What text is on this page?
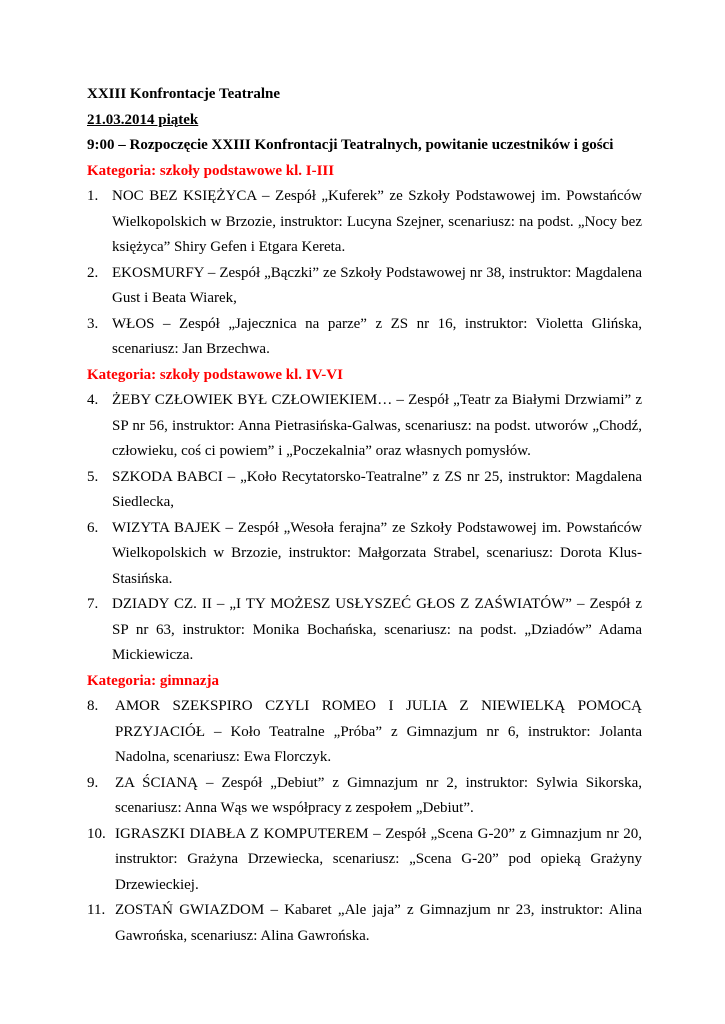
XXIII Konfrontacje Teatralne
21.03.2014 piątek
9:00 – Rozpoczęcie XXIII Konfrontacji Teatralnych, powitanie uczestników i gości
Kategoria: szkoły podstawowe kl. I-III
1. NOC BEZ KSIĘŻYCA – Zespół „Kuferek” ze Szkoły Podstawowej im. Powstańców Wielkopolskich w Brzozie, instruktor: Lucyna Szejner, scenariusz: na podst. „Nocy bez księżyca” Shiry Gefen i Etgara Kereta.
2. EKOSMURFY – Zespół „Bączki” ze Szkoły Podstawowej nr 38, instruktor: Magdalena Gust i Beata Wiarek,
3. WŁOS – Zespół „Jajecznica na parze” z ZS nr 16, instruktor: Violetta Glińska, scenariusz: Jan Brzechwa.
Kategoria: szkoły podstawowe kl. IV-VI
4. ŻEBY CZŁOWIEK BYŁ CZŁOWIEKIEM… – Zespół „Teatr za Białymi Drzwiami” z SP nr 56, instruktor: Anna Pietrasińska-Galwas, scenariusz: na podst. utworów „Chodź, człowieku, coś ci powiem” i „Poczekalnia” oraz własnych pomysłów.
5. SZKODA BABCI – „Koło Recytatorsko-Teatralne” z ZS nr 25, instruktor: Magdalena Siedlecka,
6. WIZYTA BAJEK – Zespół „Wesoła ferajna” ze Szkoły Podstawowej im. Powstańców Wielkopolskich w Brzozie, instruktor: Małgorzata Strabel, scenariusz: Dorota Klus-Stasińska.
7. DZIADY CZ. II – „I TY MOŻESZ USŁYSZEĆ GŁOS Z ZAŚWIATÓW” – Zespół z SP nr 63, instruktor: Monika Bochańska, scenariusz: na podst. „Dziadów” Adama Mickiewicza.
Kategoria: gimnazja
8. AMOR SZEKSPIRO CZYLI ROMEO I JULIA Z NIEWIELKĄ POMOCĄ PRZYJACIÓŁ – Koło Teatralne „Próba” z Gimnazjum nr 6, instruktor: Jolanta Nadolna, scenariusz: Ewa Florczyk.
9. ZA ŚCIANĄ – Zespół „Debiut” z Gimnazjum nr 2, instruktor: Sylwia Sikorska, scenariusz: Anna Wąs we współpracy z zespołem „Debiut”.
10. IGRASZKI DIABŁA Z KOMPUTEREM – Zespół „Scena G-20” z Gimnazjum nr 20, instruktor: Grażyna Drzewiecka, scenariusz: „Scena G-20” pod opieką Grażyny Drzewieckiej.
11. ZOSTAŃ GWIAZDOM – Kabaret „Ale jaja” z Gimnazjum nr 23, instruktor: Alina Gawrońska, scenariusz: Alina Gawrońska.
